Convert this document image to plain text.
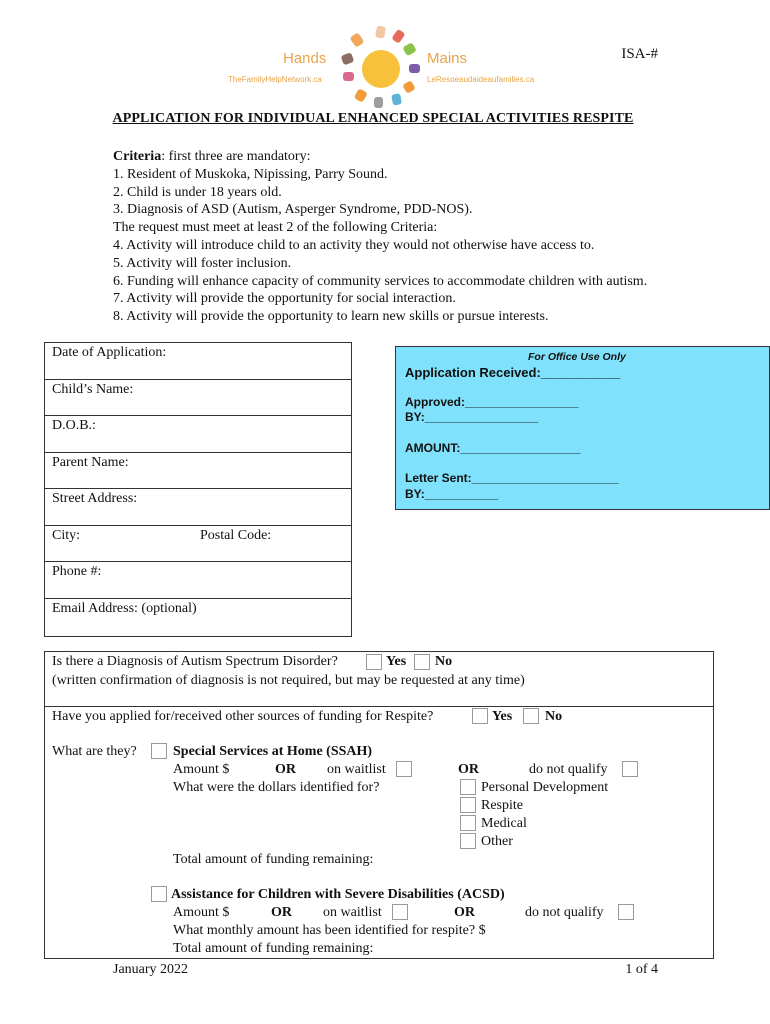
Hands	Mains
TheFamilyHelpNetwork.ca	LeResoeaudaideaufamilles.ca
ISA-#
APPLICATION FOR INDIVIDUAL ENHANCED SPECIAL ACTIVITIES RESPITE
Criteria: first three are mandatory:
1. Resident of Muskoka, Nipissing, Parry Sound.
2. Child is under 18 years old.
3. Diagnosis of ASD (Autism, Asperger Syndrome, PDD-NOS).
The request must meet at least 2 of the following Criteria:
4. Activity will introduce child to an activity they would not otherwise have access to.
5. Activity will foster inclusion.
6. Funding will enhance capacity of community services to accommodate children with autism.
7. Activity will provide the opportunity for social interaction.
8. Activity will provide the opportunity to learn new skills or pursue interests.
Date of Application:
Child’s Name:
D.O.B.:
Parent Name:
Street Address:
City:	Postal Code:
Phone #:
Email Address: (optional)
For Office Use Only
Application Received:___________
Approved:_________________
BY:_________________
AMOUNT:__________________
Letter Sent:______________________
BY:___________
Is there a Diagnosis of Autism Spectrum Disorder?	Yes No
(written confirmation of diagnosis is not required, but may be requested at any time)
Have you applied for/received other sources of funding for Respite?	Yes No
What are they?	Special Services at Home (SSAH)
Amount $	OR on waitlist	OR	do not qualify
What were the dollars identified for?	Personal Development
Respite
Medical
Other
Total amount of funding remaining:
Assistance for Children with Severe Disabilities (ACSD)
Amount $	OR on waitlist	OR	do not qualify
What monthly amount has been identified for respite? $
Total amount of funding remaining:
January 2022	1 of 4
